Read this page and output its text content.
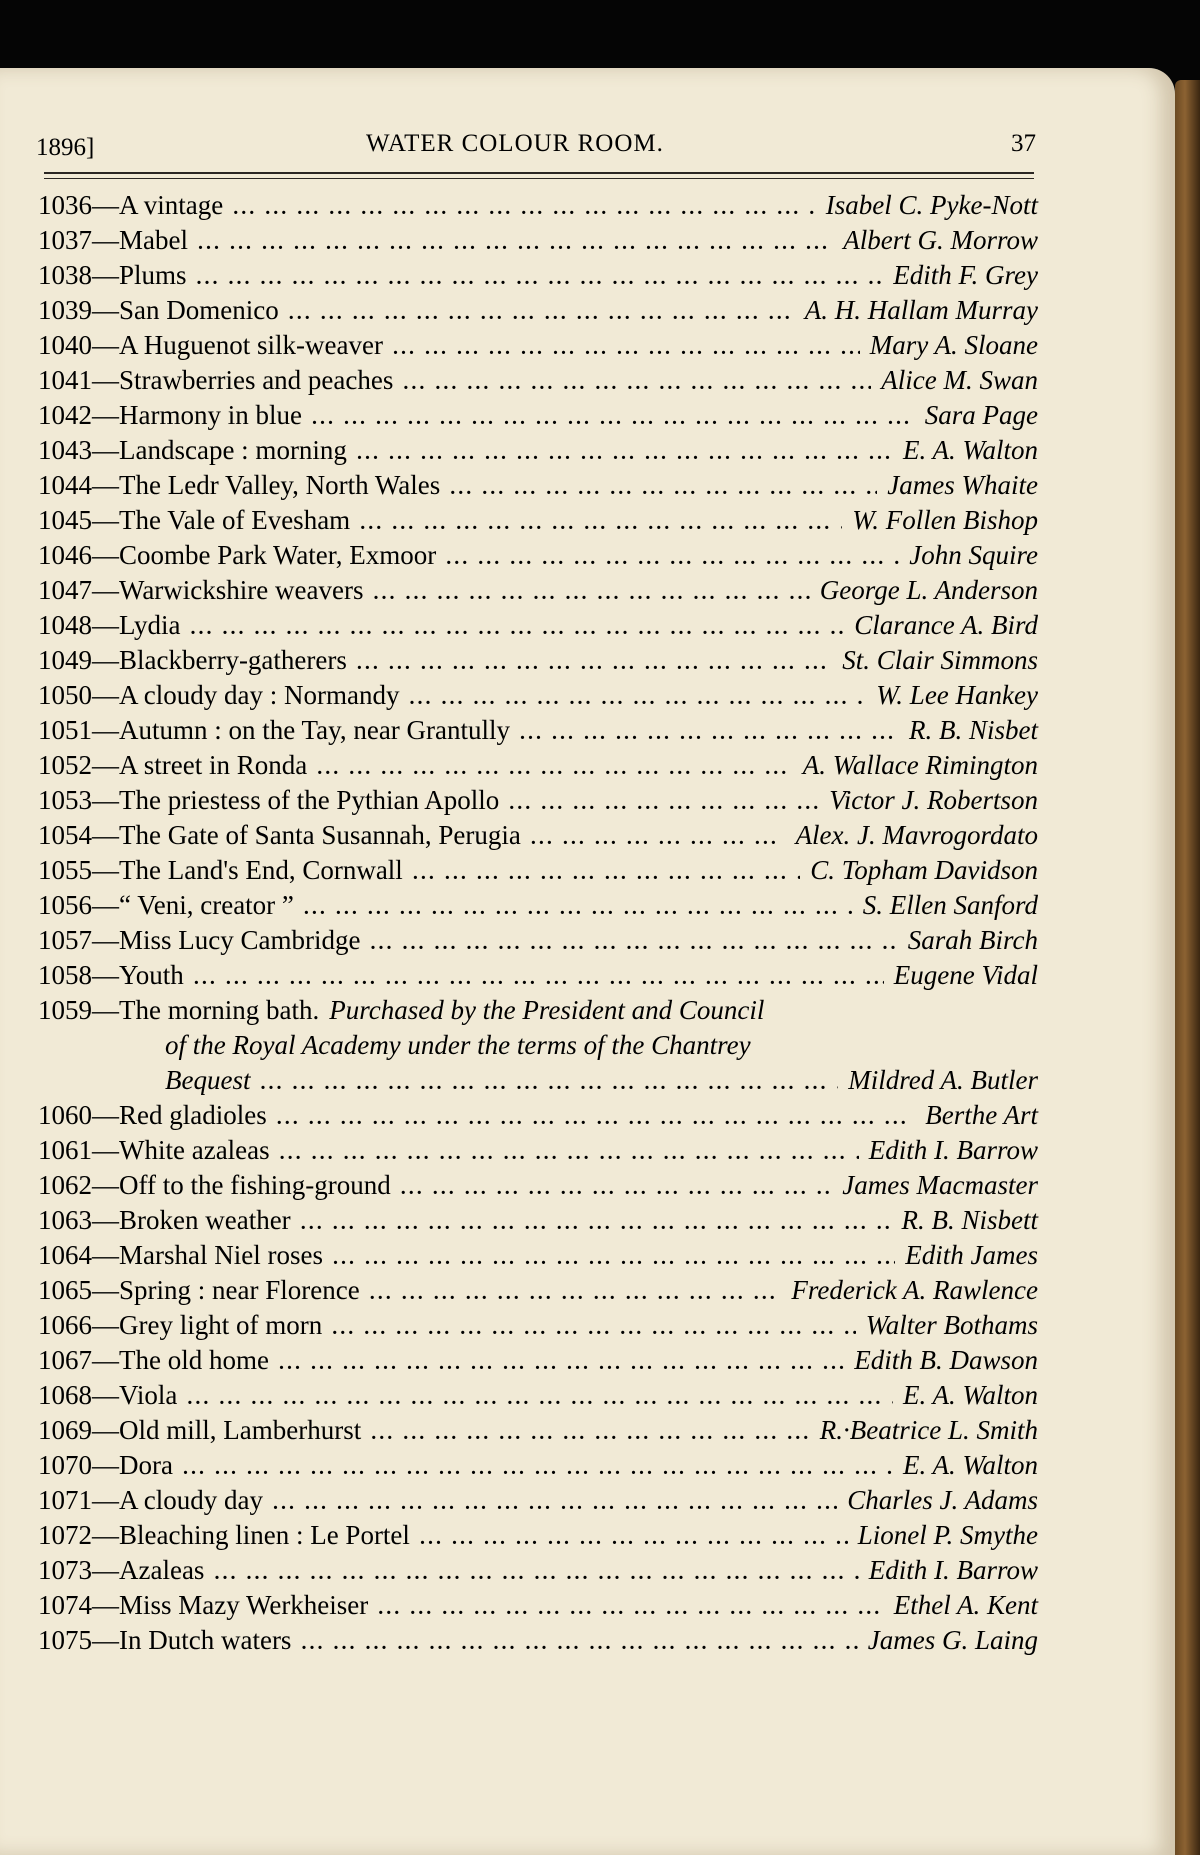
1896]	WATER COLOUR ROOM.	37
1036 — A vintage ... .	Isabel C. Pyke-Nott
1037 — Mabel ... .	Albert G. Morrow
1038 — Plums ... .	Edith F. Grey
1039 — San Domenico ... .	A. H. Hallam Murray
1040 — A Huguenot silk-weaver ... .	Mary A. Sloane
1041 — Strawberries and peaches ... .	Alice M. Swan
1042 — Harmony in blue ... .	Sara Page
1043 — Landscape : morning ... .	E. A. Walton
1044 — The Ledr Valley, North Wales ... .	James Whaite
1045 — The Vale of Evesham ... .	W. Follen Bishop
1046 — Coombe Park Water, Exmoor ... .	John Squire
1047 — Warwickshire weavers ... .	George L. Anderson
1048 — Lydia ... .	Clarance A. Bird
1049 — Blackberry-gatherers ... .	St. Clair Simmons
1050 — A cloudy day : Normandy ... .	W. Lee Hankey
1051 — Autumn : on the Tay, near Grantully ... .	R. B. Nisbet
1052 — A street in Ronda ... .	A. Wallace Rimington
1053 — The priestess of the Pythian Apollo ... .	Victor J. Robertson
1054 — The Gate of Santa Susannah, Perugia ... .	Alex. J. Mavrogordato
1055 — The Land's End, Cornwall ... .	C. Topham Davidson
1056 — “ Veni, creator ” ... .	S. Ellen Sanford
1057 — Miss Lucy Cambridge ... .	Sarah Birch
1058 — Youth ... .	Eugene Vidal
1059 — The morning bath. Purchased by the President and Council
of the Royal Academy under the terms of the Chantrey
Bequest ... .	Mildred A. Butler
1060 — Red gladioles ... .	Berthe Art
1061 — White azaleas ... .	Edith I. Barrow
1062 — Off to the fishing-ground ... .	James Macmaster
1063 — Broken weather ... .	R. B. Nisbett
1064 — Marshal Niel roses ... .	Edith James
1065 — Spring : near Florence ... .	Frederick A. Rawlence
1066 — Grey light of morn ... .	Walter Bothams
1067 — The old home ... .	Edith B. Dawson
1068 — Viola ... .	E. A. Walton
1069 — Old mill, Lamberhurst ... .	R.·Beatrice L. Smith
1070 — Dora ... .	E. A. Walton
1071 — A cloudy day ... .	Charles J. Adams
1072 — Bleaching linen : Le Portel ... .	Lionel P. Smythe
1073 — Azaleas ... .	Edith I. Barrow
1074 — Miss Mazy Werkheiser ... .	Ethel A. Kent
1075 — In Dutch waters ... .	James G. Laing
